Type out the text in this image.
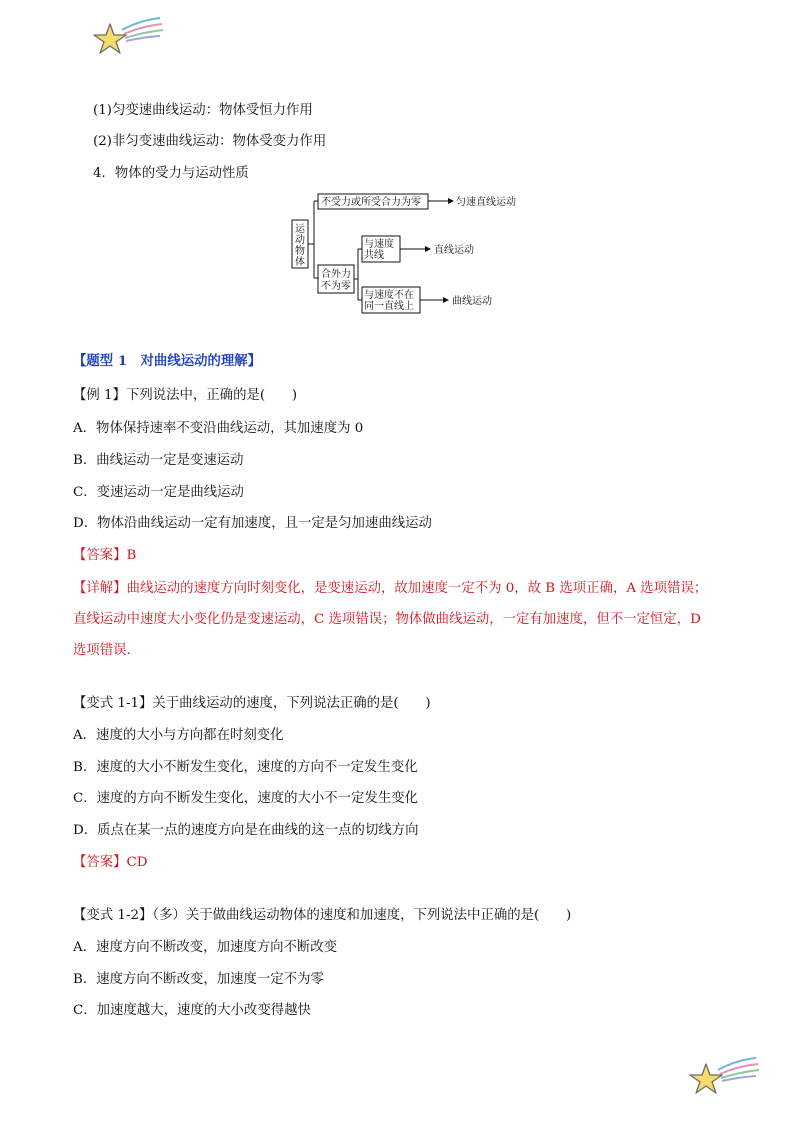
(1)匀变速曲线运动：物体受恒力作用
(2)非匀变速曲线运动：物体受变力作用
4．物体的受力与运动性质
运
动
物
体
不受力或所受合力为零	匀速直线运动
合外力
不为零
与速度
共线	直线运动
与速度不在
同一直线上	曲线运动
【题型 1　对曲线运动的理解】
【例 1】下列说法中，正确的是(　　)
A．物体保持速率不变沿曲线运动，其加速度为 0
B．曲线运动一定是变速运动
C．变速运动一定是曲线运动
D．物体沿曲线运动一定有加速度，且一定是匀加速曲线运动
【答案】B
【详解】曲线运动的速度方向时刻变化，是变速运动，故加速度一定不为 0，故 B 选项正确，A 选项错误；
直线运动中速度大小变化仍是变速运动，C 选项错误；物体做曲线运动，一定有加速度，但不一定恒定，D
选项错误.
【变式 1-1】关于曲线运动的速度，下列说法正确的是(　　)
A．速度的大小与方向都在时刻变化
B．速度的大小不断发生变化，速度的方向不一定发生变化
C．速度的方向不断发生变化，速度的大小不一定发生变化
D．质点在某一点的速度方向是在曲线的这一点的切线方向
【答案】CD
【变式 1-2】（多）关于做曲线运动物体的速度和加速度，下列说法中正确的是(　　)
A．速度方向不断改变，加速度方向不断改变
B．速度方向不断改变，加速度一定不为零
C．加速度越大，速度的大小改变得越快
